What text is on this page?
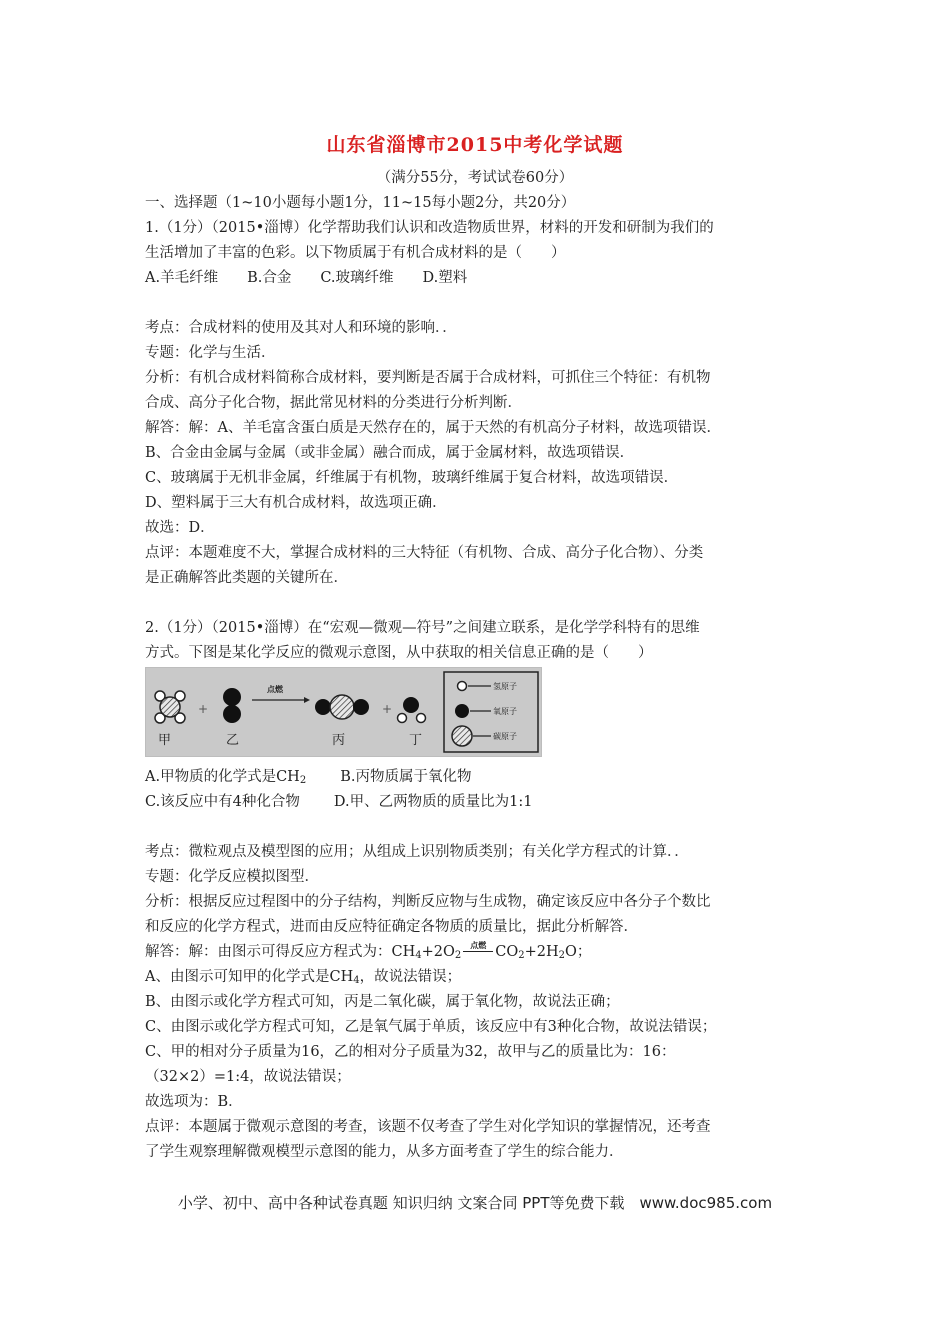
山东省淄博市2015中考化学试题
（满分55分，考试试卷60分）
一、选择题（1~10小题每小题1分，11~15每小题2分，共20分）
1.（1分）（2015•淄博）化学帮助我们认识和改造物质世界，材料的开发和研制为我们的
生活增加了丰富的色彩。以下物质属于有机合成材料的是（　　）
A.羊毛纤维　　B.合金　　C.玻璃纤维　　D.塑料
考点：合成材料的使用及其对人和环境的影响．．
专题：化学与生活．
分析：有机合成材料简称合成材料，要判断是否属于合成材料，可抓住三个特征：有机物
合成、高分子化合物，据此常见材料的分类进行分析判断．
解答：解：A、羊毛富含蛋白质是天然存在的，属于天然的有机高分子材料，故选项错误．
B、合金由金属与金属（或非金属）融合而成，属于金属材料，故选项错误．
C、玻璃属于无机非金属，纤维属于有机物，玻璃纤维属于复合材料，故选项错误．
D、塑料属于三大有机合成材料，故选项正确．
故选：D．
点评：本题难度不大，掌握合成材料的三大特征（有机物、合成、高分子化合物）、分类
是正确解答此类题的关键所在．
2.（1分）（2015•淄博）在“宏观—微观—符号”之间建立联系，是化学学科特有的思维
方式。下图是某化学反应的微观示意图，从中获取的相关信息正确的是（　　）
甲
+
乙
点燃
丙
+
丁
氢原子
氧原子
碳原子
A.甲物质的化学式是$CH_2$ B.丙物质属于氧化物
C.该反应中有4种化合物 D.甲、乙两物质的质量比为1:1
考点：微粒观点及模型图的应用；从组成上识别物质类别；有关化学方程式的计算．．
专题：化学反应模拟图型．
分析：根据反应过程图中的分子结构，判断反应物与生成物，确定该反应中各分子个数比
和反应的化学方程式，进而由反应特征确定各物质的质量比，据此分析解答．
解答：解：由图示可得反应方程式为：$CH_4+2O_2$
点燃 $CO_2+2H_2O$；
A、由图示可知甲的化学式是$CH_4$，故说法错误；
B、由图示或化学方程式可知，丙是二氧化碳，属于氧化物，故说法正确；
C、由图示或化学方程式可知，乙是氧气属于单质，该反应中有3种化合物，故说法错误；
C、甲的相对分子质量为16，乙的相对分子质量为32，故甲与乙的质量比为：16：
（32×2）=1:4，故说法错误；
故选项为：B．
点评：本题属于微观示意图的考查，该题不仅考查了学生对化学知识的掌握情况，还考查
了学生观察理解微观模型示意图的能力，从多方面考查了学生的综合能力．
小学、初中、高中各种试卷真题 知识归纳 文案合同 PPT等免费下载　www.doc985.com
